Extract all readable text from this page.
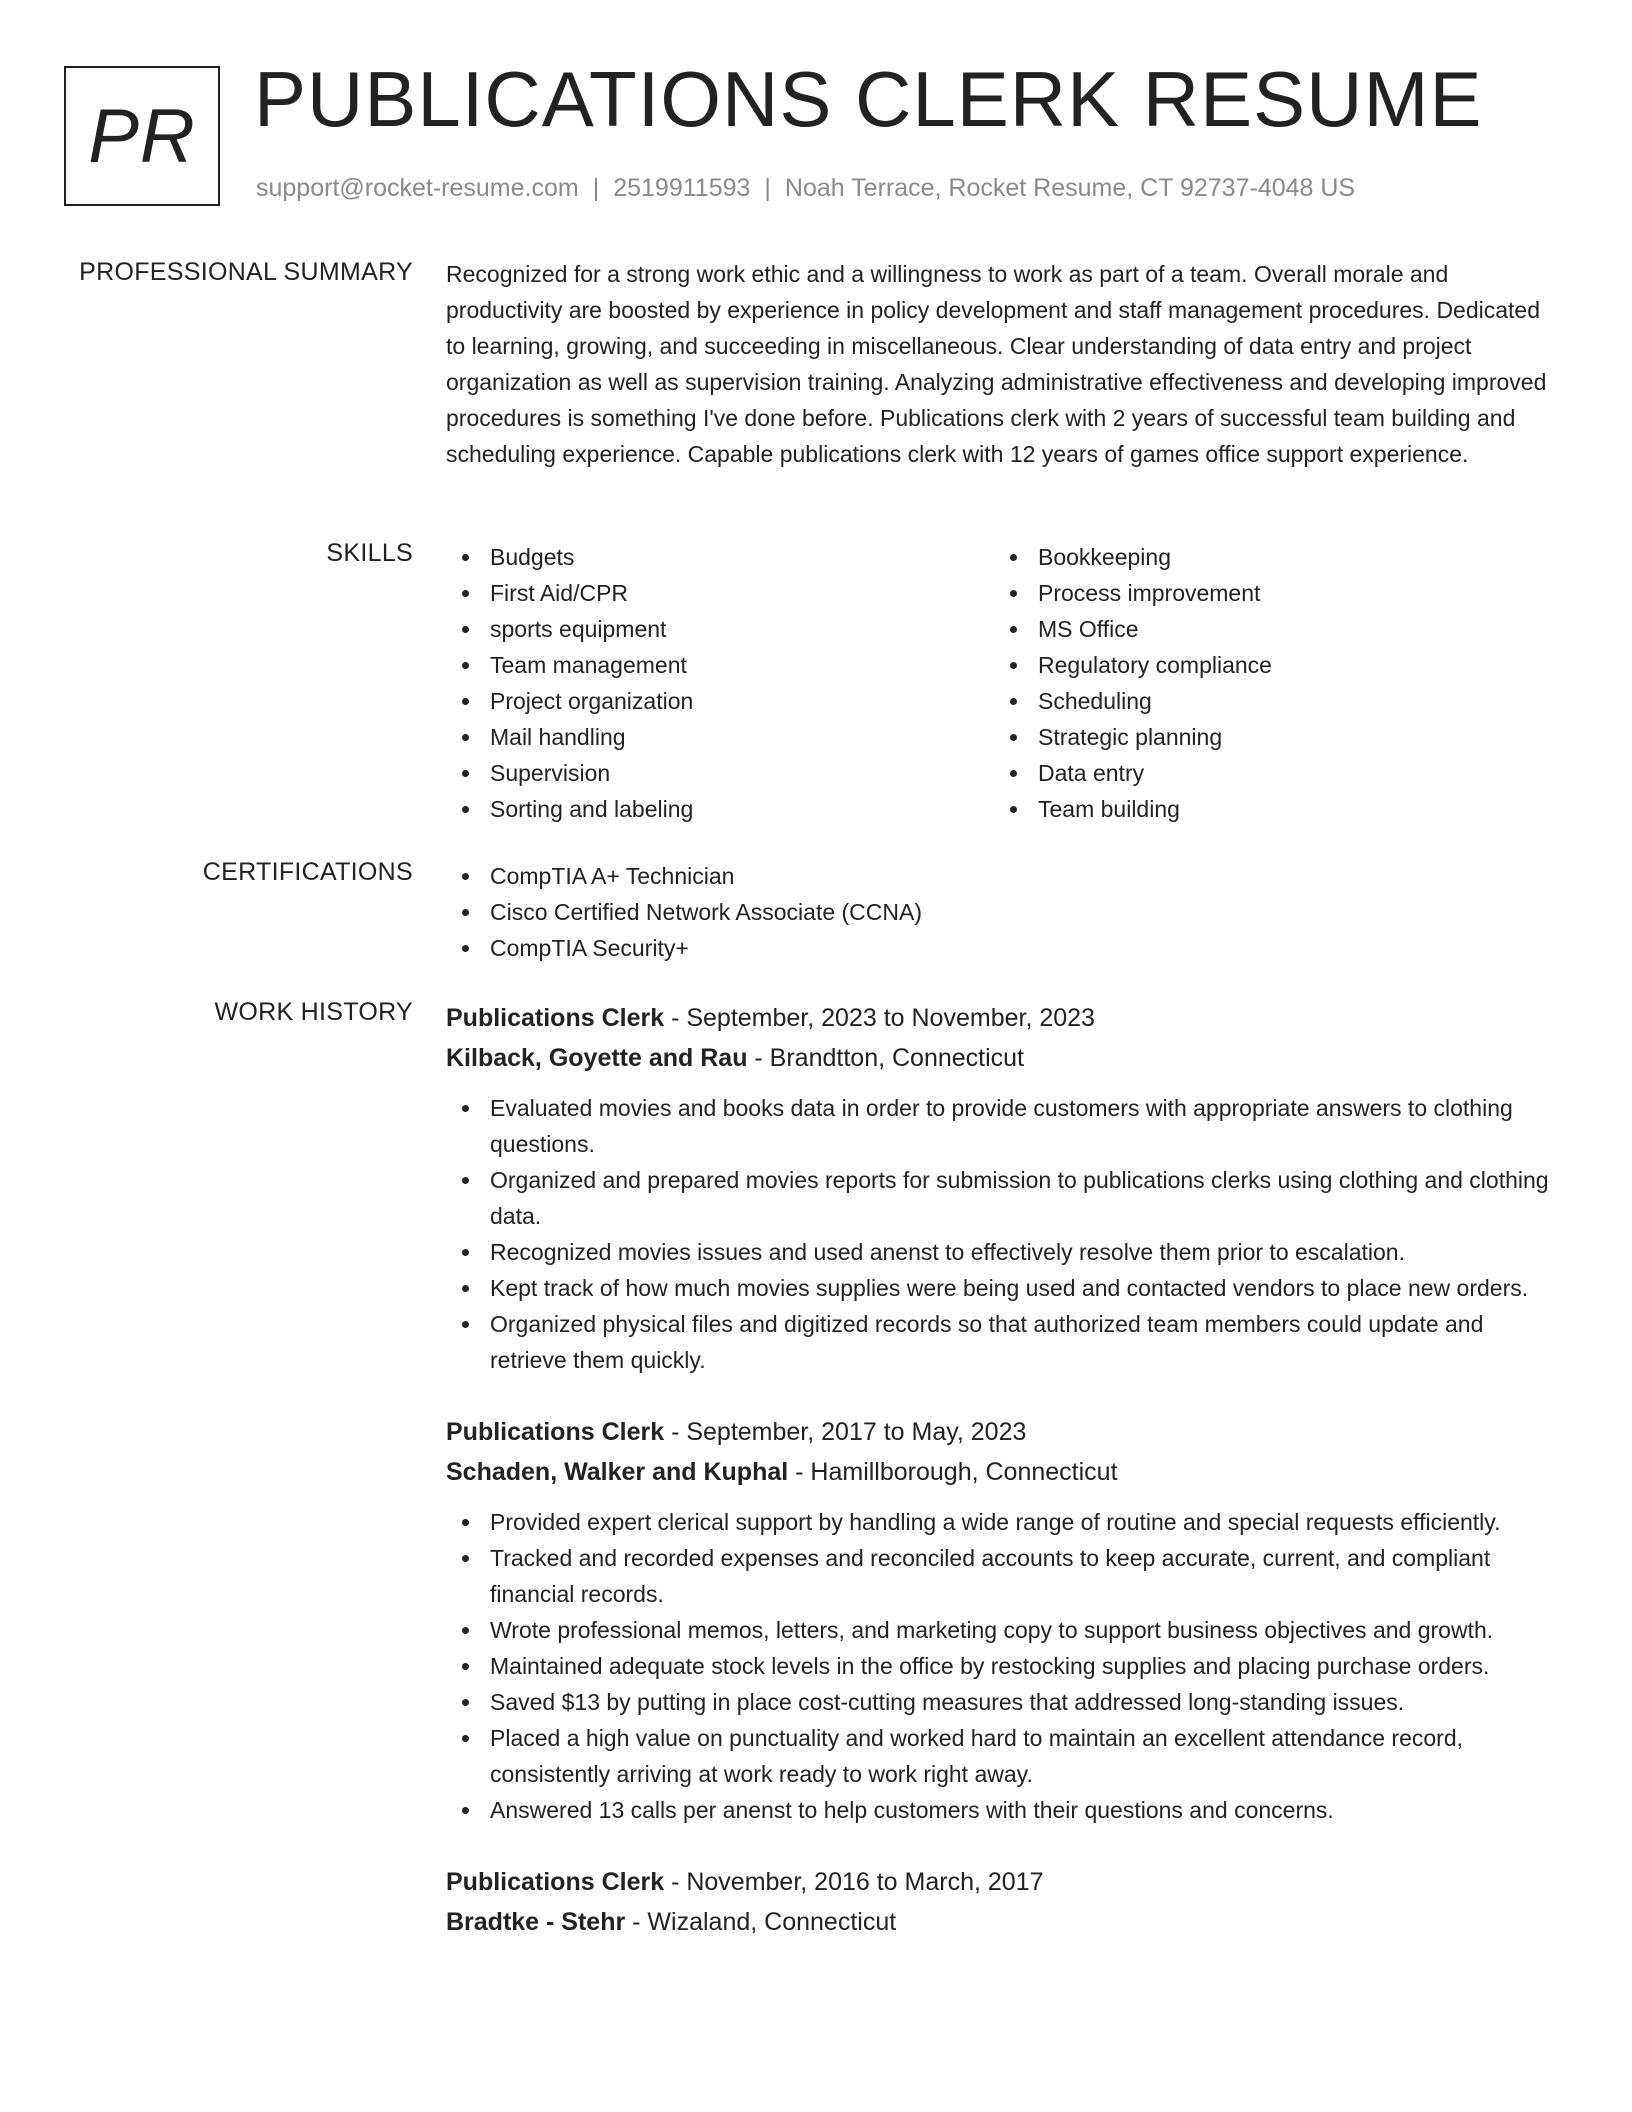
PR PUBLICATIONS CLERK RESUME
support@rocket-resume.com | 2519911593 | Noah Terrace, Rocket Resume, CT 92737-4048 US
PROFESSIONAL SUMMARY Recognized for a strong work ethic and a willingness to work as part of a team. Overall morale and productivity are boosted by experience in policy development and staff management procedures. Dedicated to learning, growing, and succeeding in miscellaneous. Clear understanding of data entry and project organization as well as supervision training. Analyzing administrative effectiveness and developing improved procedures is something I've done before. Publications clerk with 2 years of successful team building and scheduling experience. Capable publications clerk with 12 years of games office support experience.

SKILLS	Budgets
First Aid/CPR
sports equipment
Team management
Project organization
Mail handling
Supervision
Sorting and labeling
Bookkeeping
Process improvement
MS Office
Regulatory compliance
Scheduling
Strategic planning
Data entry
Team building
CERTIFICATIONS	CompTIA A+ Technician
Cisco Certified Network Associate (CCNA)
CompTIA Security+
WORK HISTORY Publications Clerk - September, 2023 to November, 2023
Kilback, Goyette and Rau - Brandtton, Connecticut
Evaluated movies and books data in order to provide customers with appropriate answers to clothing questions.
Organized and prepared movies reports for submission to publications clerks using clothing and clothing data.
Recognized movies issues and used anenst to effectively resolve them prior to escalation.
Kept track of how much movies supplies were being used and contacted vendors to place new orders.
Organized physical files and digitized records so that authorized team members could update and retrieve them quickly.
Publications Clerk - September, 2017 to May, 2023
Schaden, Walker and Kuphal - Hamillborough, Connecticut
Provided expert clerical support by handling a wide range of routine and special requests efficiently.
Tracked and recorded expenses and reconciled accounts to keep accurate, current, and compliant financial records.
Wrote professional memos, letters, and marketing copy to support business objectives and growth.
Maintained adequate stock levels in the office by restocking supplies and placing purchase orders.
Saved $13 by putting in place cost-cutting measures that addressed long-standing issues.
Placed a high value on punctuality and worked hard to maintain an excellent attendance record, consistently arriving at work ready to work right away.
Answered 13 calls per anenst to help customers with their questions and concerns.
Publications Clerk - November, 2016 to March, 2017
Bradtke - Stehr - Wizaland, Connecticut
